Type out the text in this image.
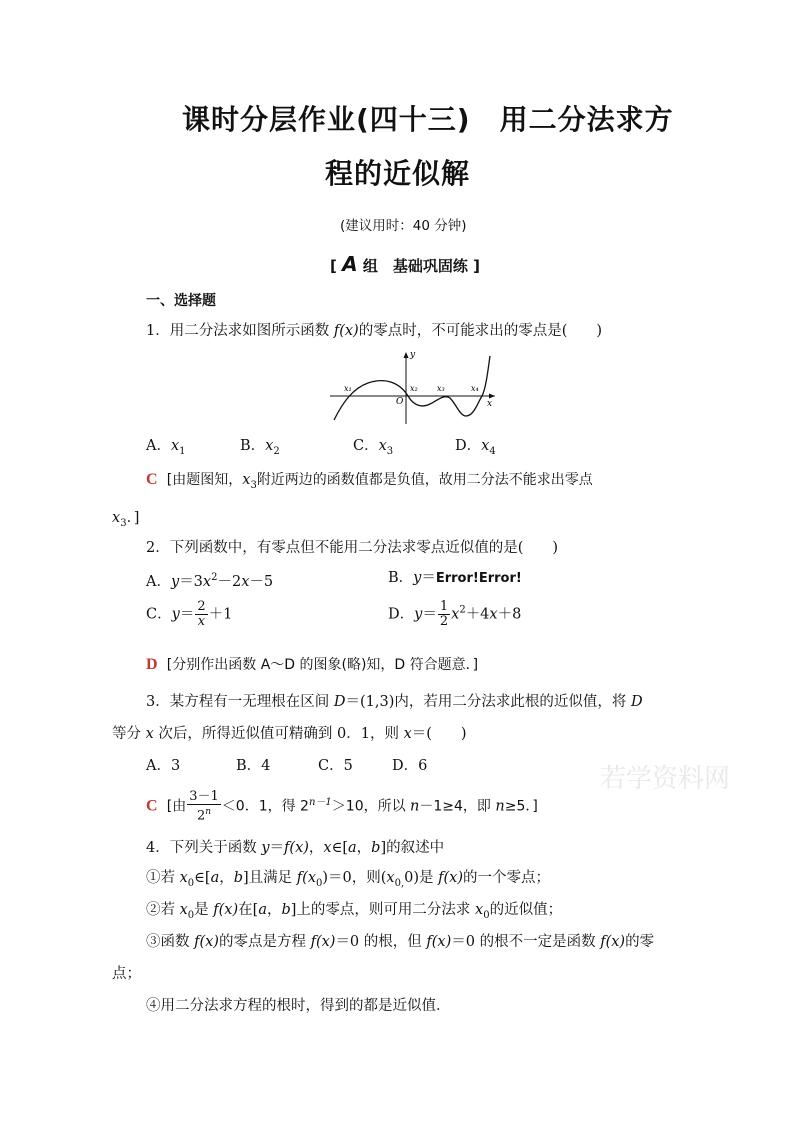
课时分层作业(四十三)　用二分法求方
程的近似解
(建议用时：40 分钟)
[ A 组　基础巩固练 ]
一、选择题
1．用二分法求如图所示函数 f(x)的零点时，不可能求出的零点是(　　)
y
x
O
x₁	x₂ x₃	x₄
A．$x_1$	B．$x_2$	C．$x_3$	D．$x_4$
C [由题图知，$x_3$附近两边的函数值都是负值，故用二分法不能求出零点
$x_3$．]
2．下列函数中，有零点但不能用二分法求零点近似值的是(　　)
A．$y=3x^2-2x-5$	B．y＝Error!Error!
C．$y= \frac{2}{x} +1$	D．$y= \frac{1}{2} x^2+4x+8$
D [分别作出函数 A～D 的图象(略)知，D 符合题意．]
3．某方程有一无理根在区间 D＝(1,3)内，若用二分法求此根的近似值，将 D
等分 x 次后，所得近似值可精确到 0．1，则 x＝(　　)
A．3	B．4	C．5	D．6	若学资料网
C [由 $\frac{3-1}{2^n} <0$．1，得 $2^{n-1}>10$，所以 n－1≥4，即 n≥5．]
4．下列关于函数 y＝f(x)，x∈[a，b]的叙述中
①若 $x_0\in[a$，b]且满足 $f(x_0)=0$，则$(x_{0,}0)$是 f(x)的一个零点；
②若 $x_0$是 f(x)在[a，b]上的零点，则可用二分法求 $x_0$的近似值；
③函数 f(x)的零点是方程 f(x)＝0 的根，但 f(x)＝0 的根不一定是函数 f(x)的零
点；
④用二分法求方程的根时，得到的都是近似值．
